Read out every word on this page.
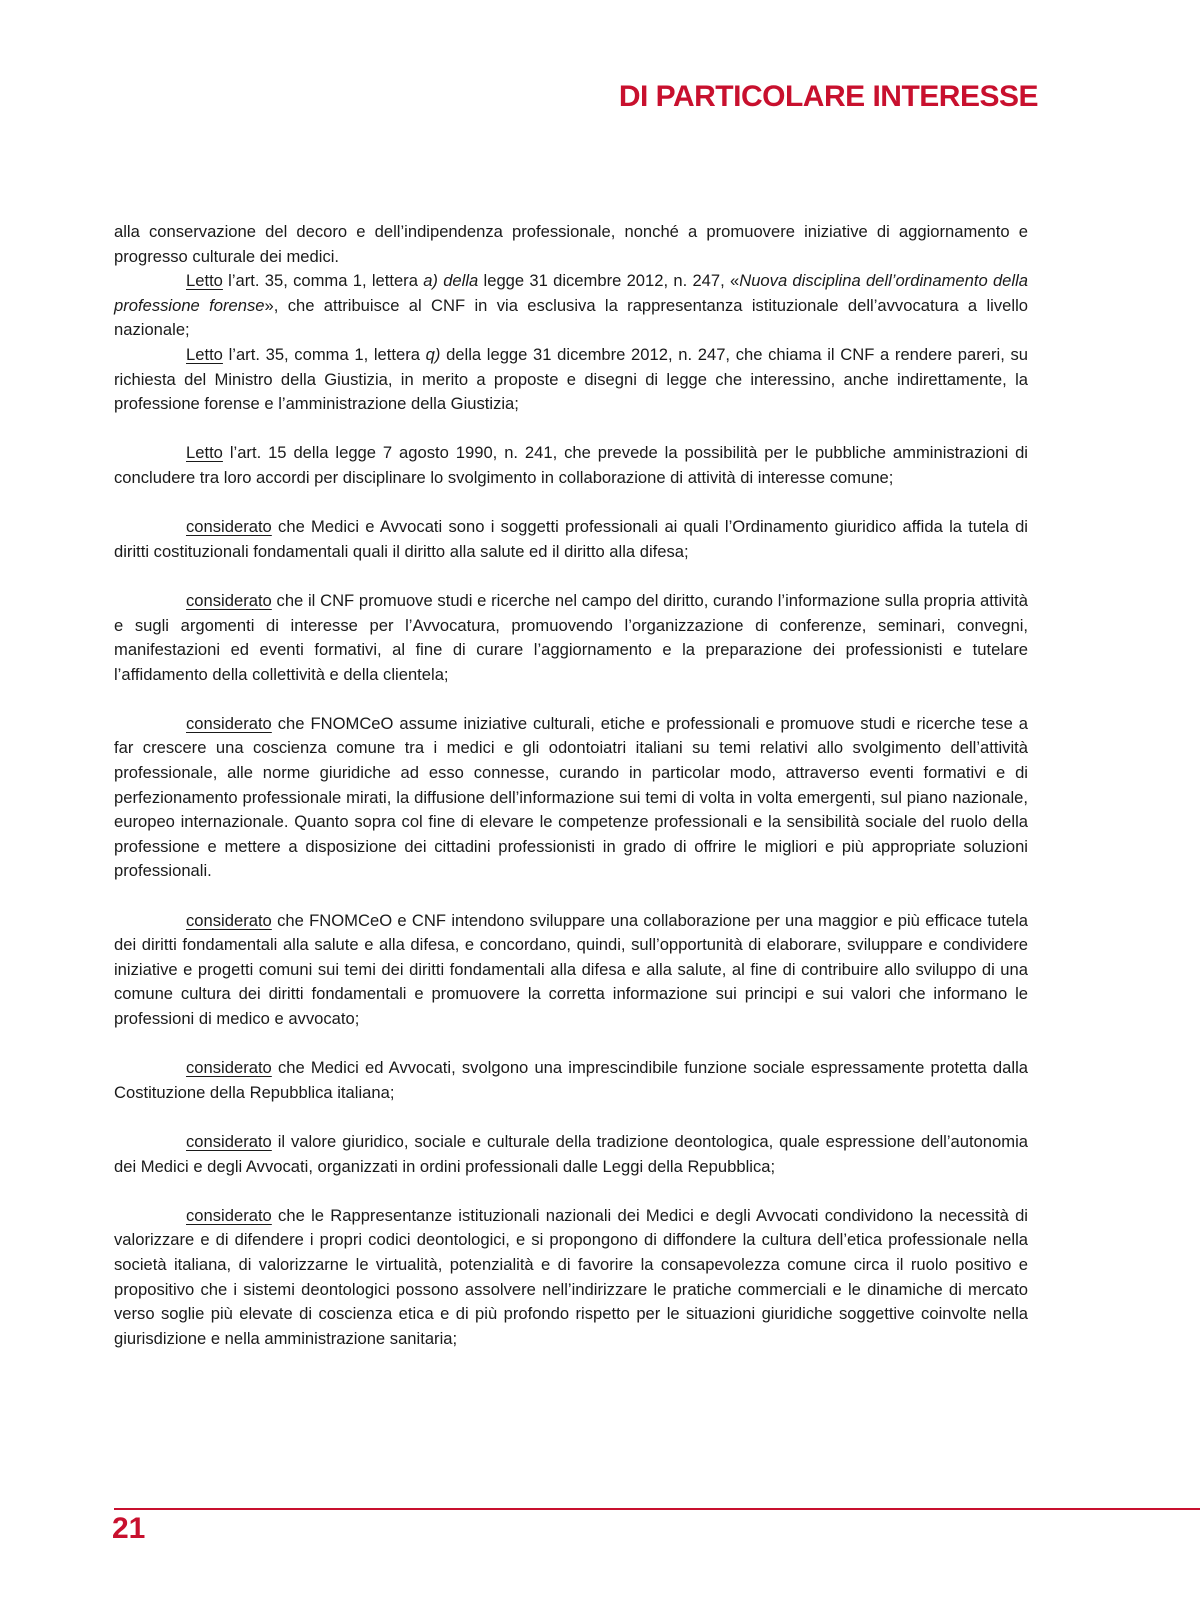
DI PARTICOLARE INTERESSE

alla conservazione del decoro e dell’indipendenza professionale, nonché a promuovere iniziative di aggiornamento e progresso culturale dei medici.

Letto l’art. 35, comma 1, lettera a) della legge 31 dicembre 2012, n. 247, «Nuova disciplina dell’ordinamento della professione forense», che attribuisce al CNF in via esclusiva la rappresentanza istituzionale dell’avvocatura a livello nazionale;

Letto l’art. 35, comma 1, lettera q) della legge 31 dicembre 2012, n. 247, che chiama il CNF a rendere pareri, su richiesta del Ministro della Giustizia, in merito a proposte e disegni di legge che interessino, anche indirettamente, la professione forense e l’amministrazione della Giustizia;

Letto l’art. 15 della legge 7 agosto 1990, n. 241, che prevede la possibilità per le pubbliche amministrazioni di concludere tra loro accordi per disciplinare lo svolgimento in collaborazione di attività di interesse comune;

considerato che Medici e Avvocati sono i soggetti professionali ai quali l’Ordinamento giuridico affida la tutela di diritti costituzionali fondamentali quali il diritto alla salute ed il diritto alla difesa;

considerato che il CNF promuove studi e ricerche nel campo del diritto, curando l’informazione sulla propria attività e sugli argomenti di interesse per l’Avvocatura, promuovendo l’organizzazione di conferenze, seminari, convegni, manifestazioni ed eventi formativi, al fine di curare l’aggiornamento e la preparazione dei professionisti e tutelare l’affidamento della collettività e della clientela;

considerato che FNOMCeO assume iniziative culturali, etiche e professionali e promuove studi e ricerche tese a far crescere una coscienza comune tra i medici e gli odontoiatri italiani su temi relativi allo svolgimento dell’attività professionale, alle norme giuridiche ad esso connesse, curando in particolar modo, attraverso eventi formativi e di perfezionamento professionale mirati, la diffusione dell’informazione sui temi di volta in volta emergenti, sul piano nazionale, europeo internazionale. Quanto sopra col fine di elevare le competenze professionali e la sensibilità sociale del ruolo della professione e mettere a disposizione dei cittadini professionisti in grado di offrire le migliori e più appropriate soluzioni professionali.

considerato che FNOMCeO e CNF intendono sviluppare una collaborazione per una maggior e più efficace tutela dei diritti fondamentali alla salute e alla difesa, e concordano, quindi, sull’opportunità di elaborare, sviluppare e condividere iniziative e progetti comuni sui temi dei diritti fondamentali alla difesa e alla salute, al fine di contribuire allo sviluppo di una comune cultura dei diritti fondamentali e promuovere la corretta informazione sui principi e sui valori che informano le professioni di medico e avvocato;

considerato che Medici ed Avvocati, svolgono una imprescindibile funzione sociale espressamente protetta dalla Costituzione della Repubblica italiana;

considerato il valore giuridico, sociale e culturale della tradizione deontologica, quale espressione dell’autonomia dei Medici e degli Avvocati, organizzati in ordini professionali dalle Leggi della Repubblica;

considerato che le Rappresentanze istituzionali nazionali dei Medici e degli Avvocati condividono la necessità di valorizzare e di difendere i propri codici deontologici, e si propongono di diffondere la cultura dell’etica professionale nella società italiana, di valorizzarne le virtualità, potenzialità e di favorire la consapevolezza comune circa il ruolo positivo e propositivo che i sistemi deontologici possono assolvere nell’indirizzare le pratiche commerciali e le dinamiche di mercato verso soglie più elevate di coscienza etica e di più profondo rispetto per le situazioni giuridiche soggettive coinvolte nella giurisdizione e nella amministrazione sanitaria;

21
